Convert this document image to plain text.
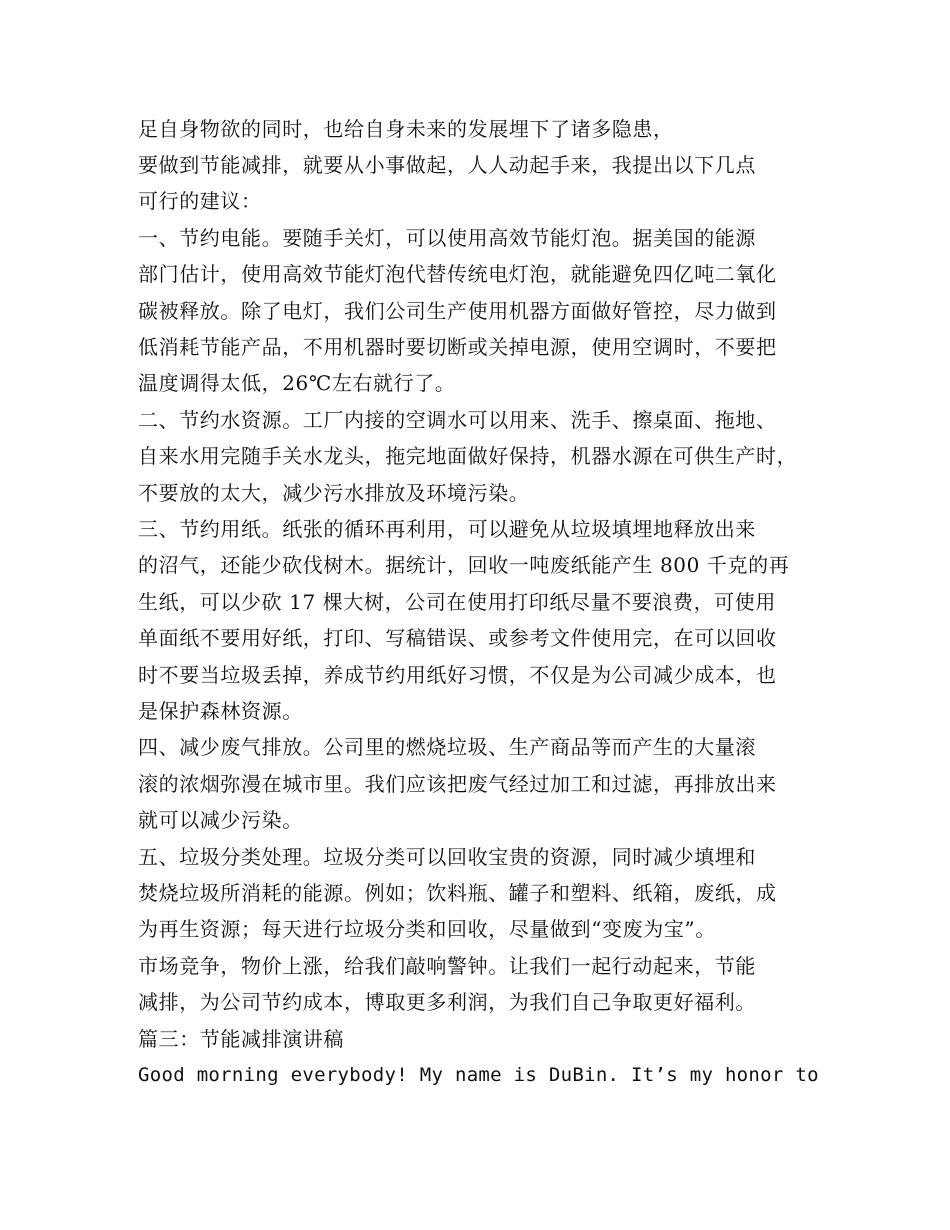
足自身物欲的同时，也给自身未来的发展埋下了诸多隐患，
要做到节能减排，就要从小事做起，人人动起手来，我提出以下几点
可行的建议：
一、节约电能。要随手关灯，可以使用高效节能灯泡。据美国的能源
部门估计，使用高效节能灯泡代替传统电灯泡，就能避免四亿吨二氧化
碳被释放。除了电灯，我们公司生产使用机器方面做好管控，尽力做到
低消耗节能产品，不用机器时要切断或关掉电源，使用空调时，不要把
温度调得太低，26℃左右就行了。
二、节约水资源。工厂内接的空调水可以用来、洗手、擦桌面、拖地、
自来水用完随手关水龙头，拖完地面做好保持，机器水源在可供生产时，
不要放的太大，减少污水排放及环境污染。
三、节约用纸。纸张的循环再利用，可以避免从垃圾填埋地释放出来
的沼气，还能少砍伐树木。据统计，回收一吨废纸能产生 800 千克的再
生纸，可以少砍 17 棵大树，公司在使用打印纸尽量不要浪费，可使用
单面纸不要用好纸，打印、写稿错误、或参考文件使用完，在可以回收
时不要当垃圾丢掉，养成节约用纸好习惯，不仅是为公司减少成本，也
是保护森林资源。
四、减少废气排放。公司里的燃烧垃圾、生产商品等而产生的大量滚
滚的浓烟弥漫在城市里。我们应该把废气经过加工和过滤，再排放出来
就可以减少污染。
五、垃圾分类处理。垃圾分类可以回收宝贵的资源，同时减少填埋和
焚烧垃圾所消耗的能源。例如；饮料瓶、罐子和塑料、纸箱，废纸，成
为再生资源；每天进行垃圾分类和回收，尽量做到“变废为宝”。
市场竞争，物价上涨，给我们敲响警钟。让我们一起行动起来，节能
减排，为公司节约成本，博取更多利润，为我们自己争取更好福利。
篇三：节能减排演讲稿
Good morning everybody! My name is DuBin. It’s my honor to
